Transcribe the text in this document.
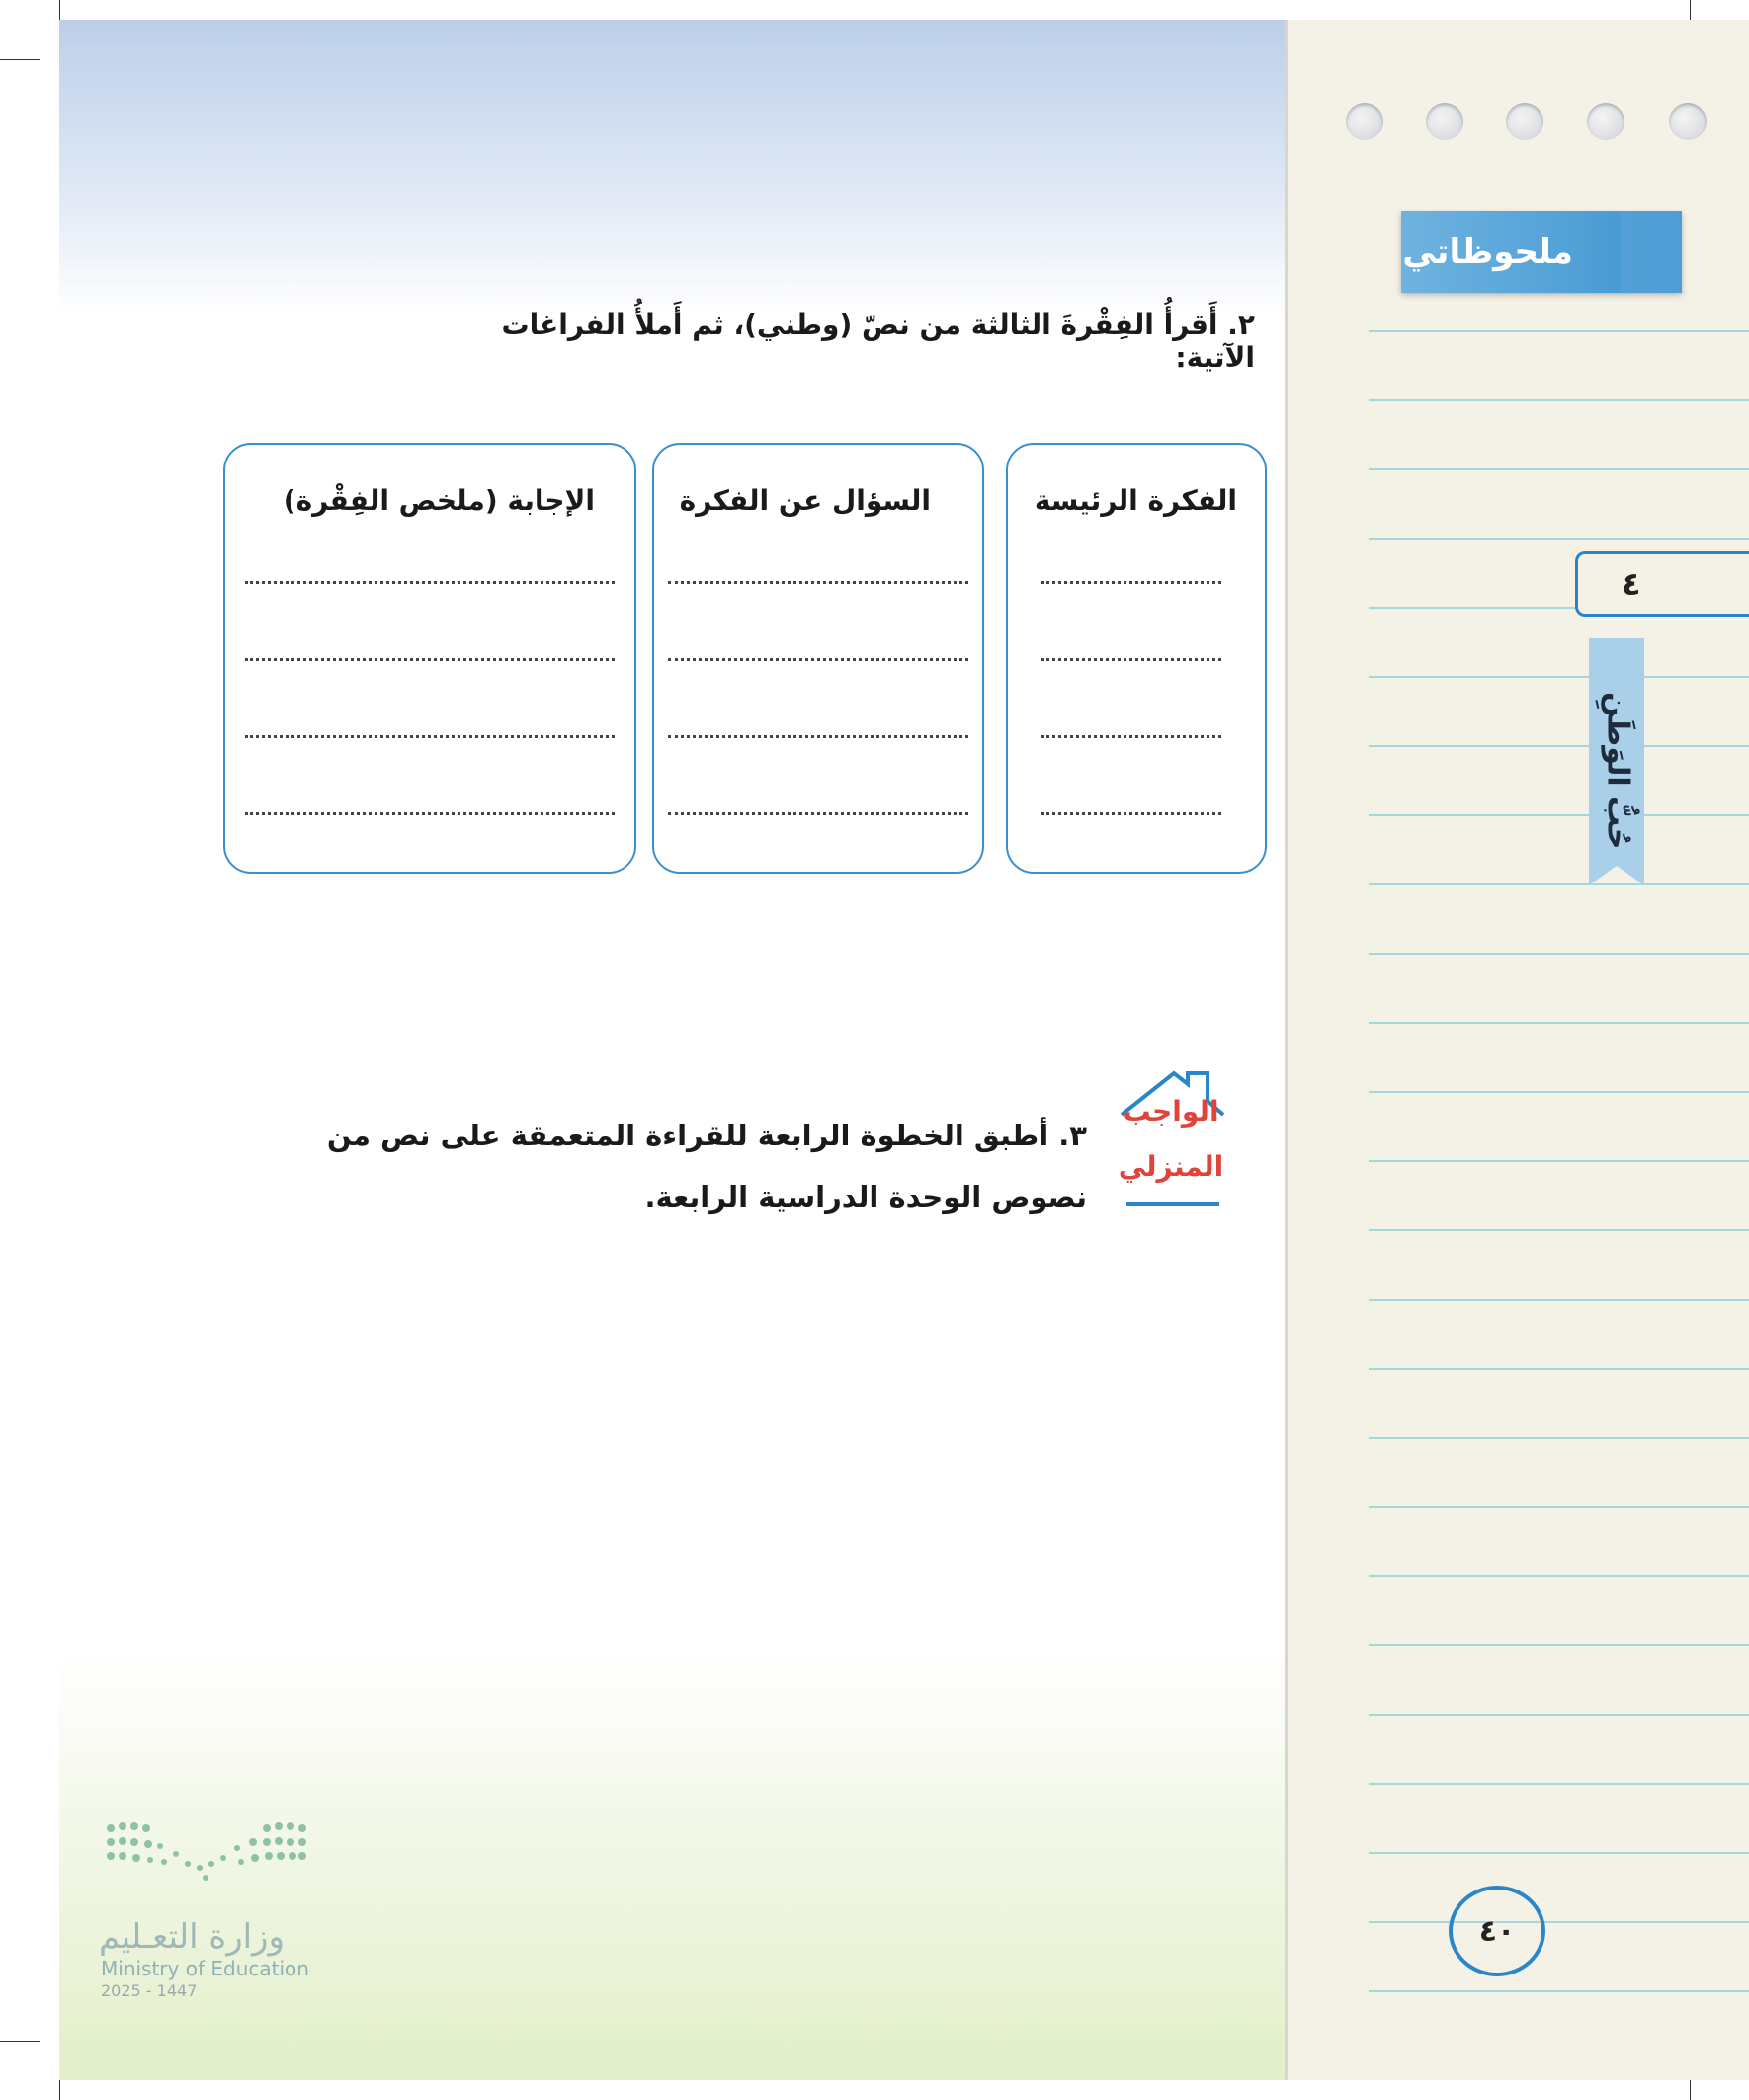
ملحوظاتي
٤
حُبُّ الوَطَنِ
٤٠
٢. أَقرأُ الفِقْرةَ الثالثة من نصّ (وطني)، ثم أَملأُ الفراغات الآتية:
الفكرة الرئيسة
السؤال عن الفكرة
الإجابة (ملخص الفِقْرة)
الواجب
المنزلي
٣. أطبق الخطوة الرابعة للقراءة المتعمقة على نص من نصوص الوحدة الدراسية الرابعة.
وزارة التعـليم
Ministry of Education
2025 - 1447
